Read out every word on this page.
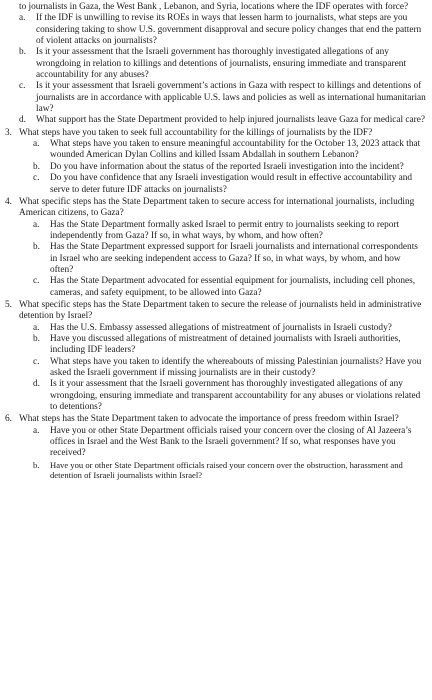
to journalists in Gaza, the West Bank , Lebanon, and Syria, locations where the IDF operates with force?

a. If the IDF is unwilling to revise its ROEs in ways that lessen harm to journalists, what steps are you considering taking to show U.S. government disapproval and secure policy changes that end the pattern of violent attacks on journalists?
b. Is it your assessment that the Israeli government has thoroughly investigated allegations of any wrongdoing in relation to killings and detentions of journalists, ensuring immediate and transparent accountability for any abuses?
c. Is it your assessment that Israeli government’s actions in Gaza with respect to killings and detentions of journalists are in accordance with applicable U.S. laws and policies as well as international humanitarian law?
d. What support has the State Department provided to help injured journalists leave Gaza for medical care?
3. What steps have you taken to seek full accountability for the killings of journalists by the IDF?
a. What steps have you taken to ensure meaningful accountability for the October 13, 2023 attack that wounded American Dylan Collins and killed Issam Abdallah in southern Lebanon?
b. Do you have information about the status of the reported Israeli investigation into the incident?
c. Do you have confidence that any Israeli investigation would result in effective accountability and serve to deter future IDF attacks on journalists?
4. What specific steps has the State Department taken to secure access for international journalists, including American citizens, to Gaza?
a. Has the State Department formally asked Israel to permit entry to journalists seeking to report independently from Gaza? If so, in what ways, by whom, and how often?
b. Has the State Department expressed support for Israeli journalists and international correspondents in Israel who are seeking independent access to Gaza? If so, in what ways, by whom, and how often?
c. Has the State Department advocated for essential equipment for journalists, including cell phones, cameras, and safety equipment, to be allowed into Gaza?
5. What specific steps has the State Department taken to secure the release of journalists held in administrative detention by Israel?
a. Has the U.S. Embassy assessed allegations of mistreatment of journalists in Israeli custody?
b. Have you discussed allegations of mistreatment of detained journalists with Israeli authorities, including IDF leaders?
c. What steps have you taken to identify the whereabouts of missing Palestinian journalists? Have you asked the Israeli government if missing journalists are in their custody?
d. Is it your assessment that the Israeli government has thoroughly investigated allegations of any wrongdoing, ensuring immediate and transparent accountability for any abuses or violations related to detentions?
6. What steps has the State Department taken to advocate the importance of press freedom within Israel?
a. Have you or other State Department officials raised your concern over the closing of Al Jazeera’s offices in Israel and the West Bank to the Israeli government? If so, what responses have you received?
b. Have you or other State Department officials raised your concern over the obstruction, harassment and detention of Israeli journalists within Israel?
